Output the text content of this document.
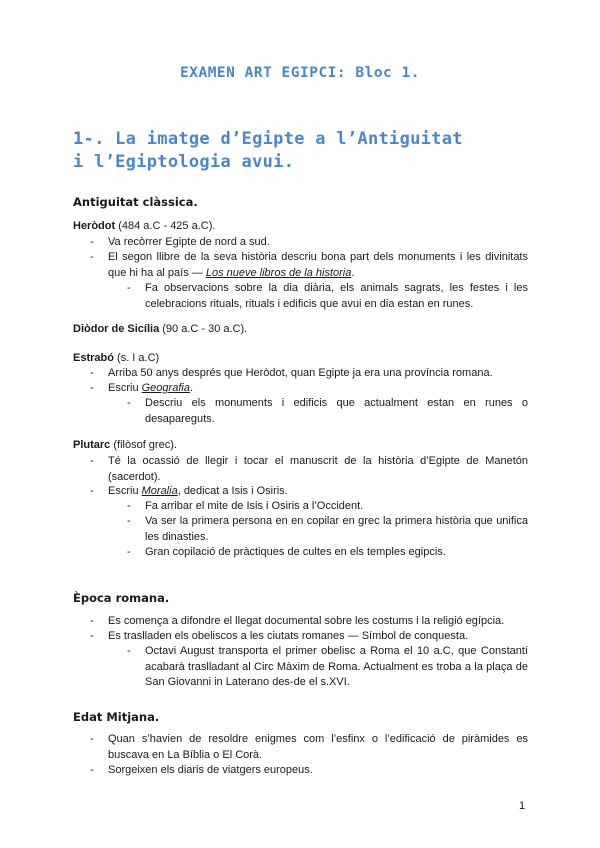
EXAMEN ART EGIPCI: Bloc 1.
1-. La imatge d’Egipte a l’Antiguitat
i l’Egiptologia avui.
Antiguitat clàssica.
Heròdot (484 a.C - 425 a.C).
- Va recòrrer Egipte de nord a sud.
- El segon llibre de la seva història descriu bona part dels monuments i les divinitats que hi ha al país — Los nueve libros de la historia.
- Fa observacions sobre la dia diària, els animals sagrats, les festes i les celebracions rituals, rituals i edificis que avui en dia estan en runes.
Diòdor de Sicília (90 a.C - 30 a.C).
Estrabó (s. I a.C)
- Arriba 50 anys després que Heròdot, quan Egipte ja era una província romana.
- Escriu Geografia.
- Descriu els monuments i edificis que actualment estan en runes o desapareguts.
Plutarc (filòsof grec).
- Té la ocassió de llegir i tocar el manuscrit de la història d’Egipte de Manetón (sacerdot).
- Escriu Moralia, dedicat a Isis i Osiris.
- Fa arribar el mite de Isis i Osiris a l’Occident.
- Va ser la primera persona en en copilar en grec la primera història que unifica les dinasties.
- Gran copilació de pràctiques de cultes en els temples egipcis.
Època romana.
- Es comença a difondre el llegat documental sobre les costums i la religió egípcia.
- Es traslladen els obeliscos a les ciutats romanes — Símbol de conquesta.
- Octavi August transporta el primer obelisc a Roma el 10 a.C, que Constantí acabarà traslladant al Circ Màxim de Roma. Actualment es troba a la plaça de San Giovanni in Laterano des-de el s.XVI.
Edat Mitjana.
- Quan s’havien de resoldre enigmes com l’esfinx o l’edificació de piràmides es buscava en La Bíblia o El Corà.
- Sorgeixen els diaris de viatgers europeus.
1
